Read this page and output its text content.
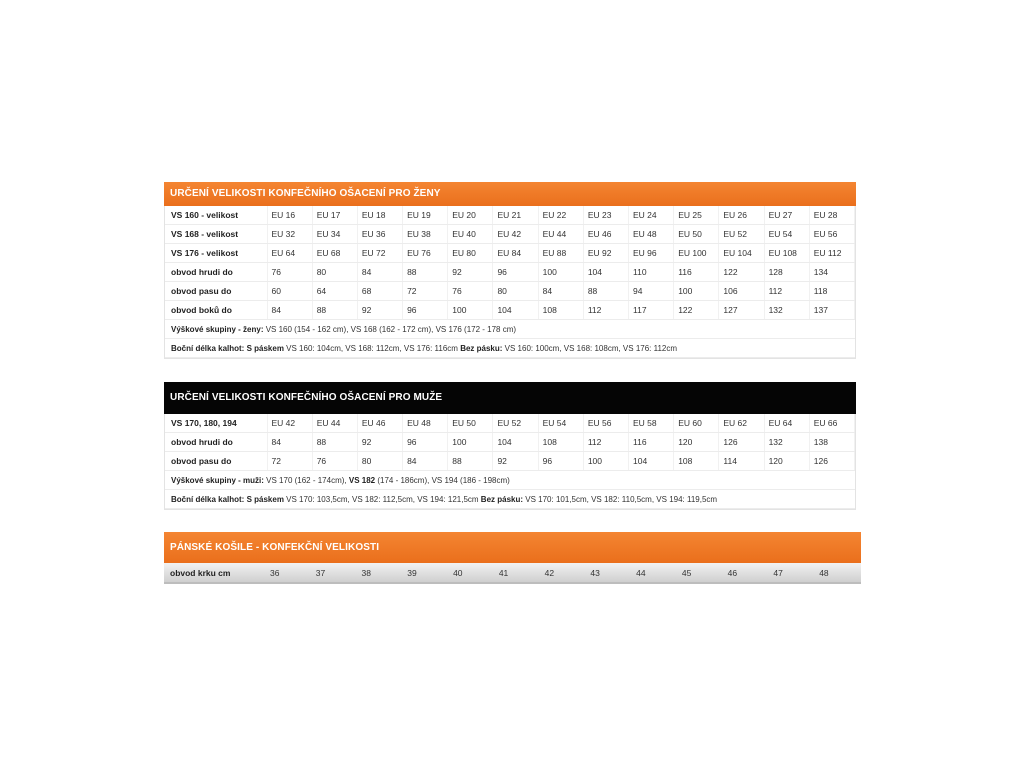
URČENÍ VELIKOSTI KONFEČNÍHO OŠACENÍ PRO ŽENY
VS 160 - velikost	EU 16	EU 17	EU 18	EU 19	EU 20	EU 21	EU 22	EU 23	EU 24	EU 25	EU 26	EU 27	EU 28
VS 168 - velikost	EU 32	EU 34	EU 36	EU 38	EU 40	EU 42	EU 44	EU 46	EU 48	EU 50	EU 52	EU 54	EU 56
VS 176 - velikost	EU 64	EU 68	EU 72	EU 76	EU 80	EU 84	EU 88	EU 92	EU 96	EU 100	EU 104	EU 108	EU 112
obvod hrudi do	76	80	84	88	92	96	100	104	110	116	122	128	134
obvod pasu do	60	64	68	72	76	80	84	88	94	100	106	112	118
obvod boků do	84	88	92	96	100	104	108	112	117	122	127	132	137
Výškové skupiny - ženy: VS 160 (154 - 162 cm), VS 168 (162 - 172 cm), VS 176 (172 - 178 cm)													
Boční délka kalhot: S páskem VS 160: 104cm, VS 168: 112cm, VS 176: 116cm Bez pásku: VS 160: 100cm, VS 168: 108cm, VS 176: 112cm													
URČENÍ VELIKOSTI KONFEČNÍHO OŠACENÍ PRO MUŽE
VS 170, 180, 194	EU 42	EU 44	EU 46	EU 48	EU 50	EU 52	EU 54	EU 56	EU 58	EU 60	EU 62	EU 64	EU 66
obvod hrudi do	84	88	92	96	100	104	108	112	116	120	126	132	138
obvod pasu do	72	76	80	84	88	92	96	100	104	108	114	120	126
Výškové skupiny - muži: VS 170 (162 - 174cm), VS 182 (174 - 186cm), VS 194 (186 - 198cm)													
Boční délka kalhot: S páskem VS 170: 103,5cm, VS 182: 112,5cm, VS 194: 121,5cm Bez pásku: VS 170: 101,5cm, VS 182: 110,5cm, VS 194: 119,5cm													
PÁNSKÉ KOŠILE - KONFEKČNÍ VELIKOSTI
obvod krku cm	36	37	38	39	40	41	42	43	44	45	46	47	48
